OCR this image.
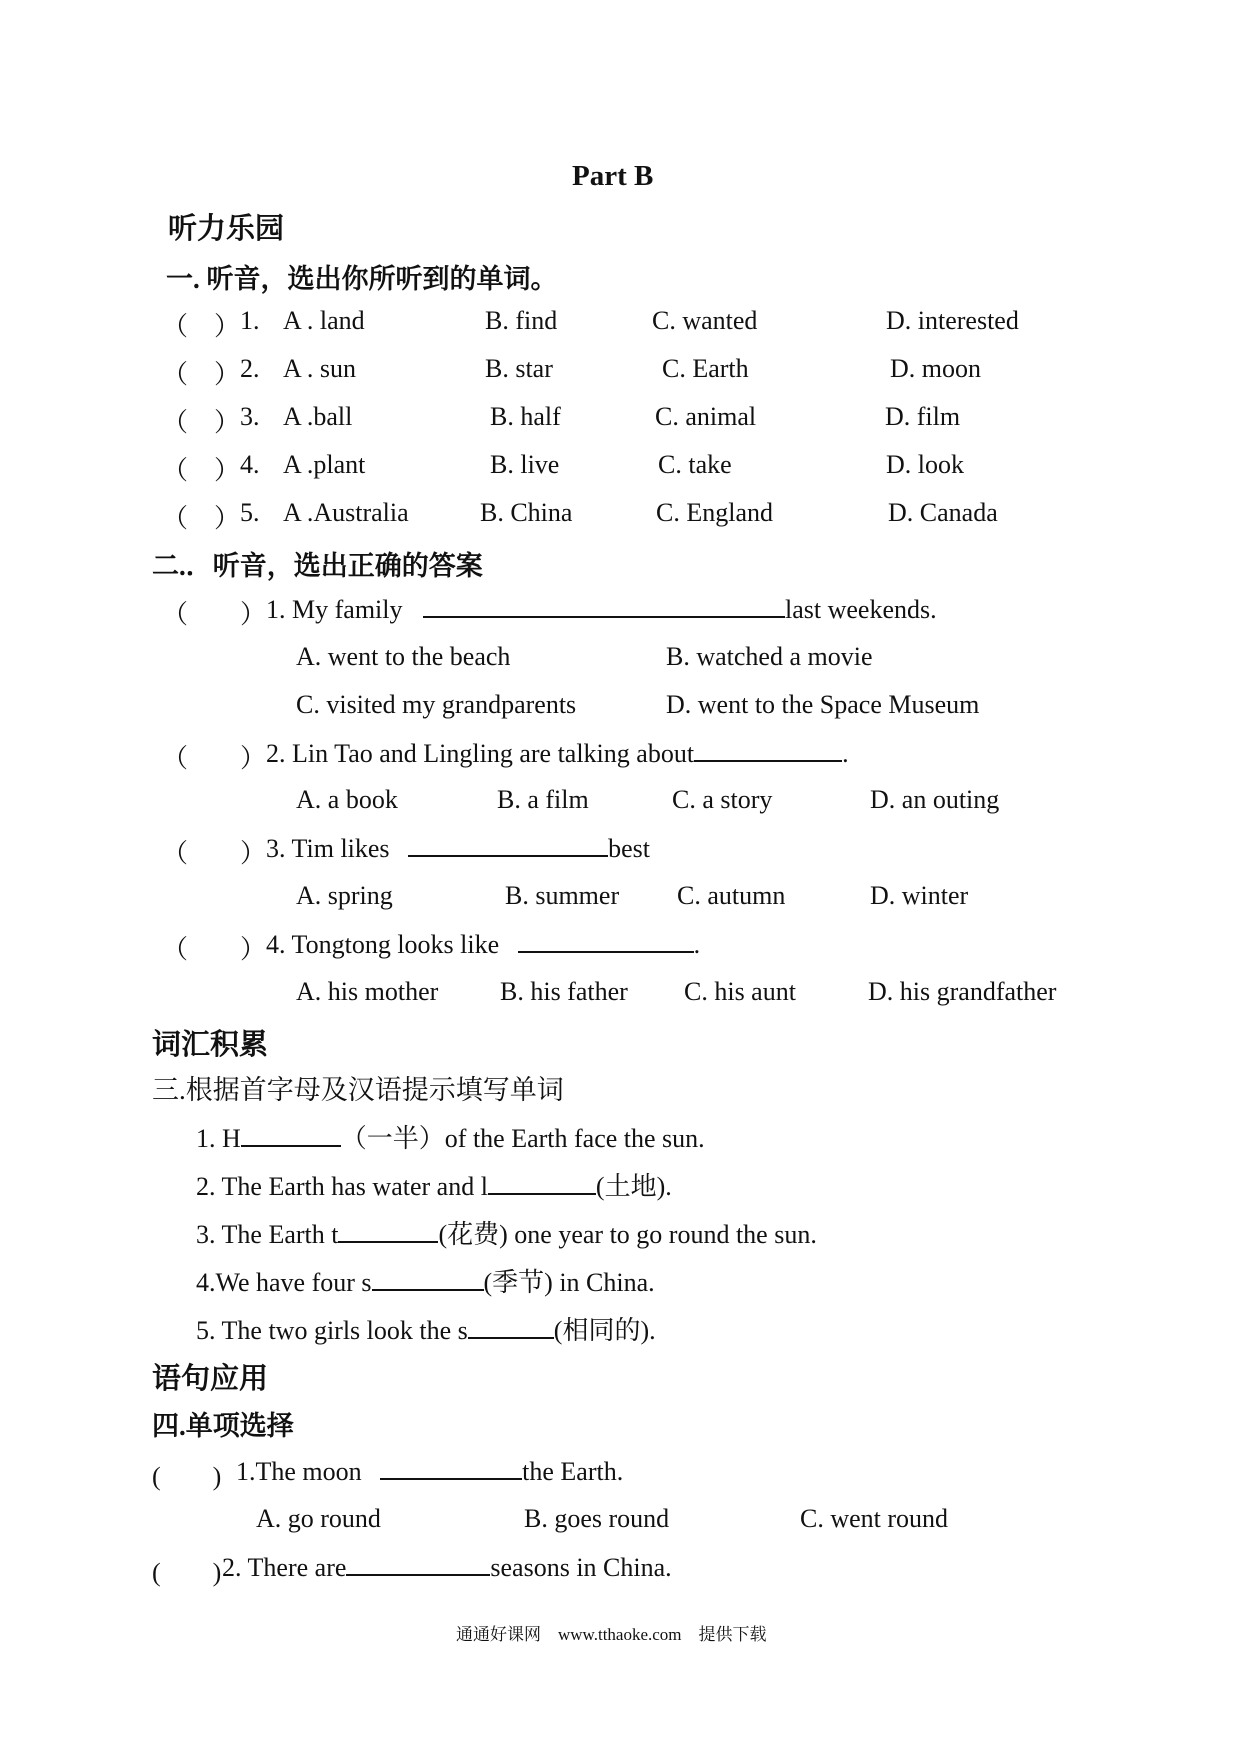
Part B
听力乐园
一. 听音，选出你所听到的单词。
（　） 1. A . land	B. find	C. wanted	D. interested
（　） 2. A . sun	B. star	C. Earth	D. moon
（　） 3. A .ball	B. half	C. animal	D. film
（　） 4. A .plant	B. live	C. take	D. look
（　） 5. A .Australia	B. China	C. England	D. Canada
二.．听音，选出正确的答案
（　　） 1. My family	last weekends.
A. went to the beach	B. watched a movie
C. visited my grandparents	D. went to the Space Museum
（　　） 2. Lin Tao and Lingling are talking about	.
A. a book	B. a film	C. a story	D. an outing
（　　） 3. Tim likes	best
A. spring	B. summer C. autumn	D. winter
（　　） 4. Tongtong looks like	.
A. his mother B. his father C. his aunt	D. his grandfather
词汇积累
三.根据首字母及汉语提示填写单词
1. H	（一半）of the Earth face the sun.
2. The Earth has water and l	(土地).
3. The Earth t	(花费) one year to go round the sun.
4.We have four s	(季节) in China.
5. The two girls look the s	(相同的).
语句应用
四.单项选择
(　　) 1.The moon	the Earth.
A. go round	B. goes round	C. went round
(　　) 2. There are	seasons in China.
通通好课网　www.tthaoke.com　提供下载
